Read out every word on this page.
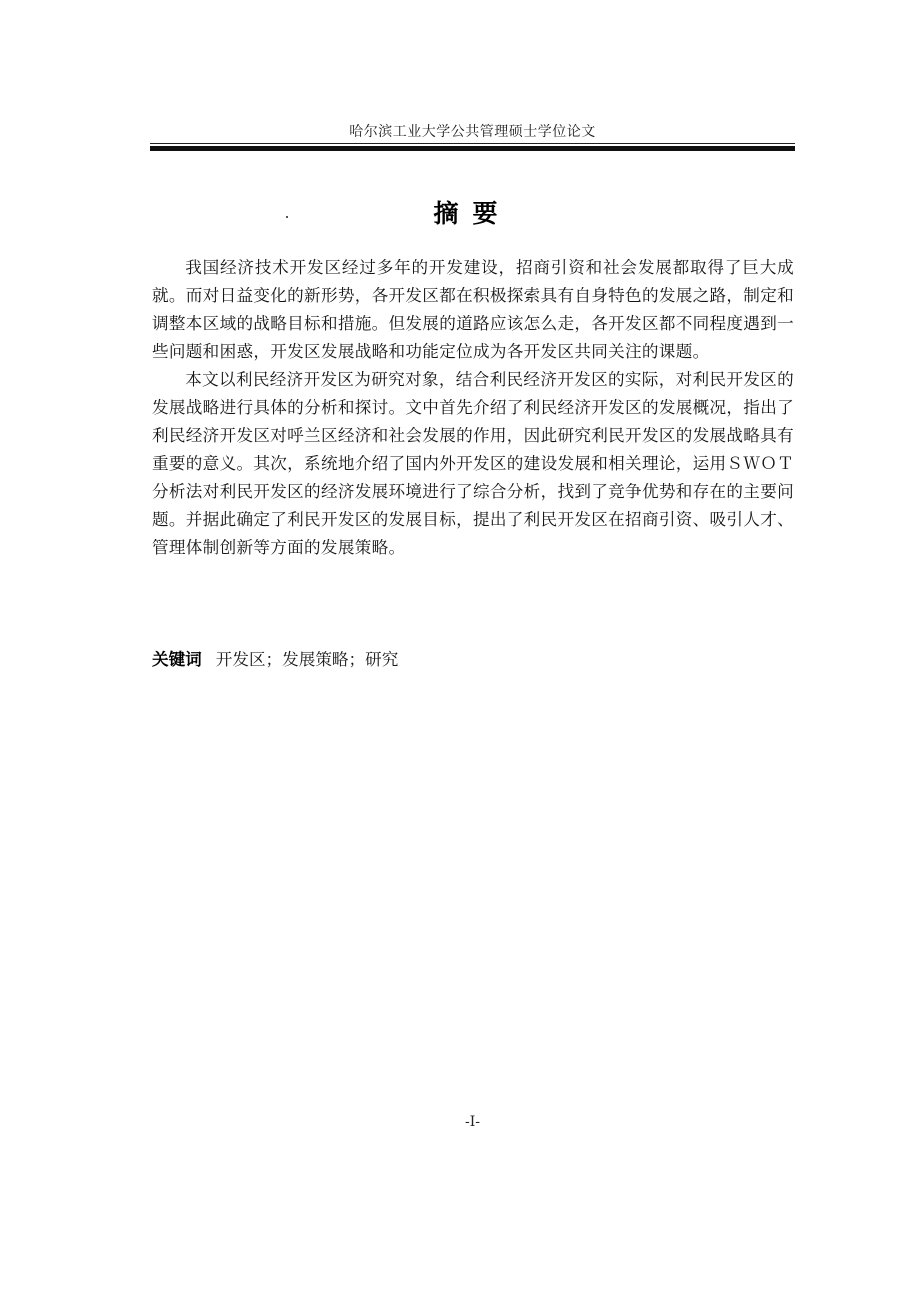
哈尔滨工业大学公共管理硕士学位论文
摘要

我国经济技术开发区经过多年的开发建设，招商引资和社会发展都取得了巨大成就。而对日益变化的新形势，各开发区都在积极探索具有自身特色的发展之路，制定和调整本区域的战略目标和措施。但发展的道路应该怎么走，各开发区都不同程度遇到一些问题和困惑，开发区发展战略和功能定位成为各开发区共同关注的课题。

本文以利民经济开发区为研究对象，结合利民经济开发区的实际，对利民开发区的发展战略进行具体的分析和探讨。文中首先介绍了利民经济开发区的发展概况，指出了利民经济开发区对呼兰区经济和社会发展的作用，因此研究利民开发区的发展战略具有重要的意义。其次，系统地介绍了国内外开发区的建设发展和相关理论，运用ＳＷＯＴ分析法对利民开发区的经济发展环境进行了综合分析，找到了竞争优势和存在的主要问题。并据此确定了利民开发区的发展目标，提出了利民开发区在招商引资、吸引人才、管理体制创新等方面的发展策略。

关键词 开发区；发展策略；研究
-I-
